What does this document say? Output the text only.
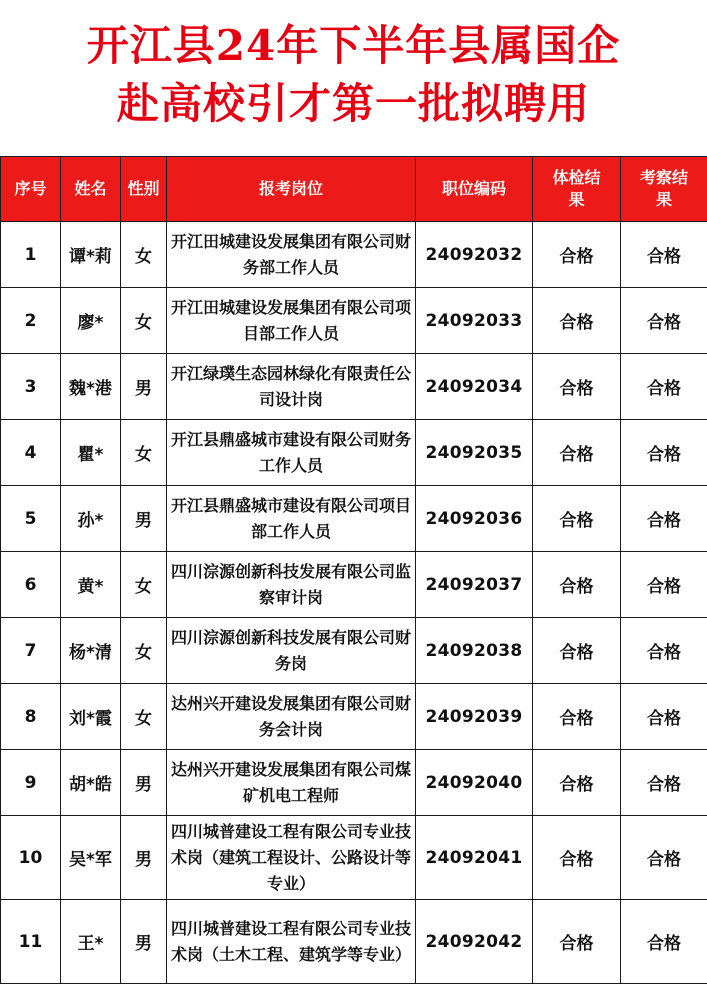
开江县24年下半年县属国企
赴高校引才第一批拟聘用
序号	姓名	性别	报考岗位	职位编码	体检结果	考察结果
1	谭*莉	女	开江田城建设发展集团有限公司财务部工作人员	24092032	合格	合格
2	廖*	女	开江田城建设发展集团有限公司项目部工作人员	24092033	合格	合格
3	魏*港	男	开江绿璞生态园林绿化有限责任公司设计岗	24092034	合格	合格
4	瞿*	女	开江县鼎盛城市建设有限公司财务工作人员	24092035	合格	合格
5	孙*	男	开江县鼎盛城市建设有限公司项目部工作人员	24092036	合格	合格
6	黄*	女	四川淙源创新科技发展有限公司监察审计岗	24092037	合格	合格
7	杨*清	女	四川淙源创新科技发展有限公司财务岗	24092038	合格	合格
8	刘*霞	女	达州兴开建设发展集团有限公司财务会计岗	24092039	合格	合格
9	胡*皓	男	达州兴开建设发展集团有限公司煤矿机电工程师	24092040	合格	合格
10	吴*军	男	四川城普建设工程有限公司专业技术岗（建筑工程设计、公路设计等专业）	24092041	合格	合格
11	王*	男	四川城普建设工程有限公司专业技术岗（土木工程、建筑学等专业）	24092042	合格	合格
